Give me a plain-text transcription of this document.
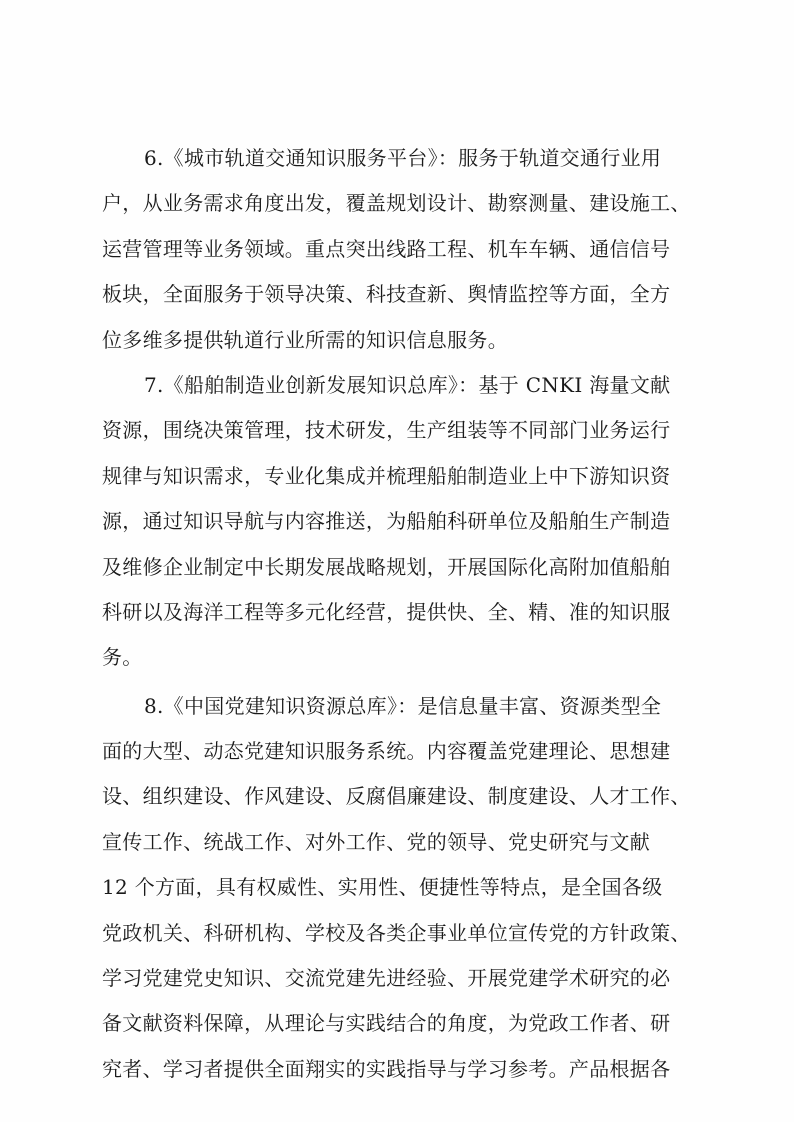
6.《城市轨道交通知识服务平台》：服务于轨道交通行业用
户，从业务需求角度出发，覆盖规划设计、勘察测量、建设施工、
运营管理等业务领域。重点突出线路工程、机车车辆、通信信号
板块，全面服务于领导决策、科技查新、舆情监控等方面，全方
位多维多提供轨道行业所需的知识信息服务。
7.《船舶制造业创新发展知识总库》：基于 CNKI 海量文献
资源，围绕决策管理，技术研发，生产组装等不同部门业务运行
规律与知识需求，专业化集成并梳理船舶制造业上中下游知识资
源，通过知识导航与内容推送，为船舶科研单位及船舶生产制造
及维修企业制定中长期发展战略规划，开展国际化高附加值船舶
科研以及海洋工程等多元化经营，提供快、全、精、准的知识服
务。
8.《中国党建知识资源总库》：是信息量丰富、资源类型全
面的大型、动态党建知识服务系统。内容覆盖党建理论、思想建
设、组织建设、作风建设、反腐倡廉建设、制度建设、人才工作、
宣传工作、统战工作、对外工作、党的领导、党史研究与文献
12 个方面，具有权威性、实用性、便捷性等特点，是全国各级
党政机关、科研机构、学校及各类企事业单位宣传党的方针政策、
学习党建党史知识、交流党建先进经验、开展党建学术研究的必
备文献资料保障，从理论与实践结合的角度，为党政工作者、研
究者、学习者提供全面翔实的实践指导与学习参考。产品根据各
